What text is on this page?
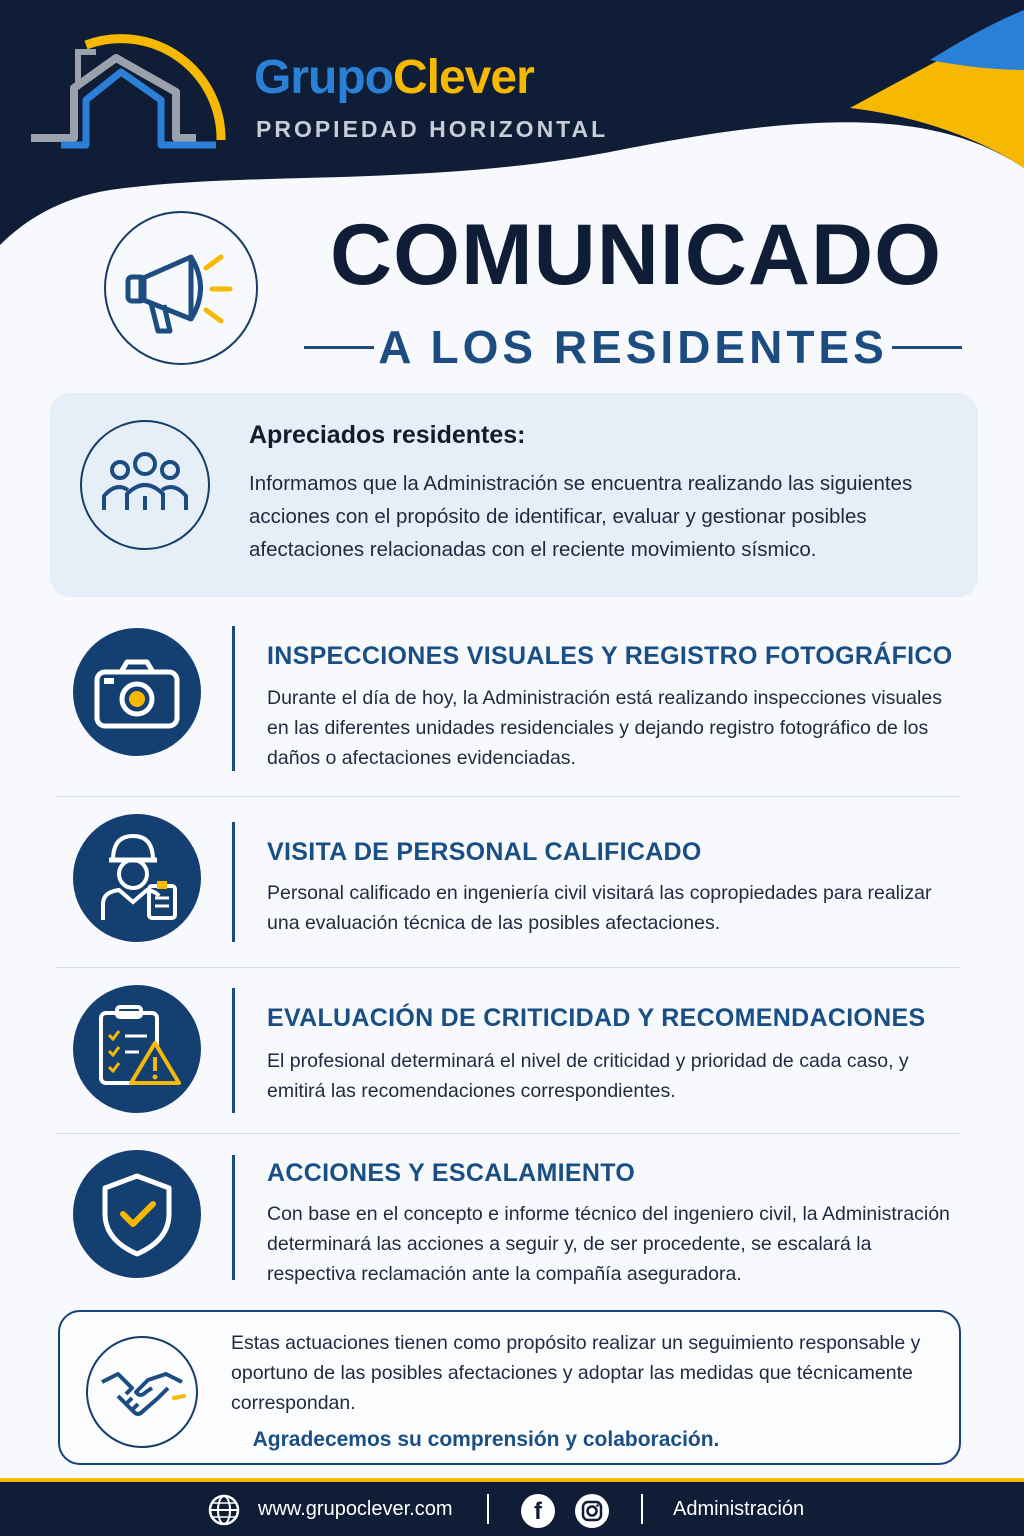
GrupoClever
PROPIEDAD HORIZONTAL
COMUNICADO
A LOS RESIDENTES
Apreciados residentes:

Informamos que la Administración se encuentra realizando las siguientes acciones con el propósito de identificar, evaluar y gestionar posibles afectaciones relacionadas con el reciente movimiento sísmico.

INSPECCIONES VISUALES Y REGISTRO FOTOGRÁFICO

Durante el día de hoy, la Administración está realizando inspecciones visuales en las diferentes unidades residenciales y dejando registro fotográfico de los daños o afectaciones evidenciadas.

VISITA DE PERSONAL CALIFICADO

Personal calificado en ingeniería civil visitará las copropiedades para realizar una evaluación técnica de las posibles afectaciones.

EVALUACIÓN DE CRITICIDAD Y RECOMENDACIONES

El profesional determinará el nivel de criticidad y prioridad de cada caso, y emitirá las recomendaciones correspondientes.

ACCIONES Y ESCALAMIENTO

Con base en el concepto e informe técnico del ingeniero civil, la Administración determinará las acciones a seguir y, de ser procedente, se escalará la respectiva reclamación ante la compañía aseguradora.

Estas actuaciones tienen como propósito realizar un seguimiento responsable y oportuno de las posibles afectaciones y adoptar las medidas que técnicamente correspondan.

Agradecemos su comprensión y colaboración.
www.grupoclever.com	f	Administración
